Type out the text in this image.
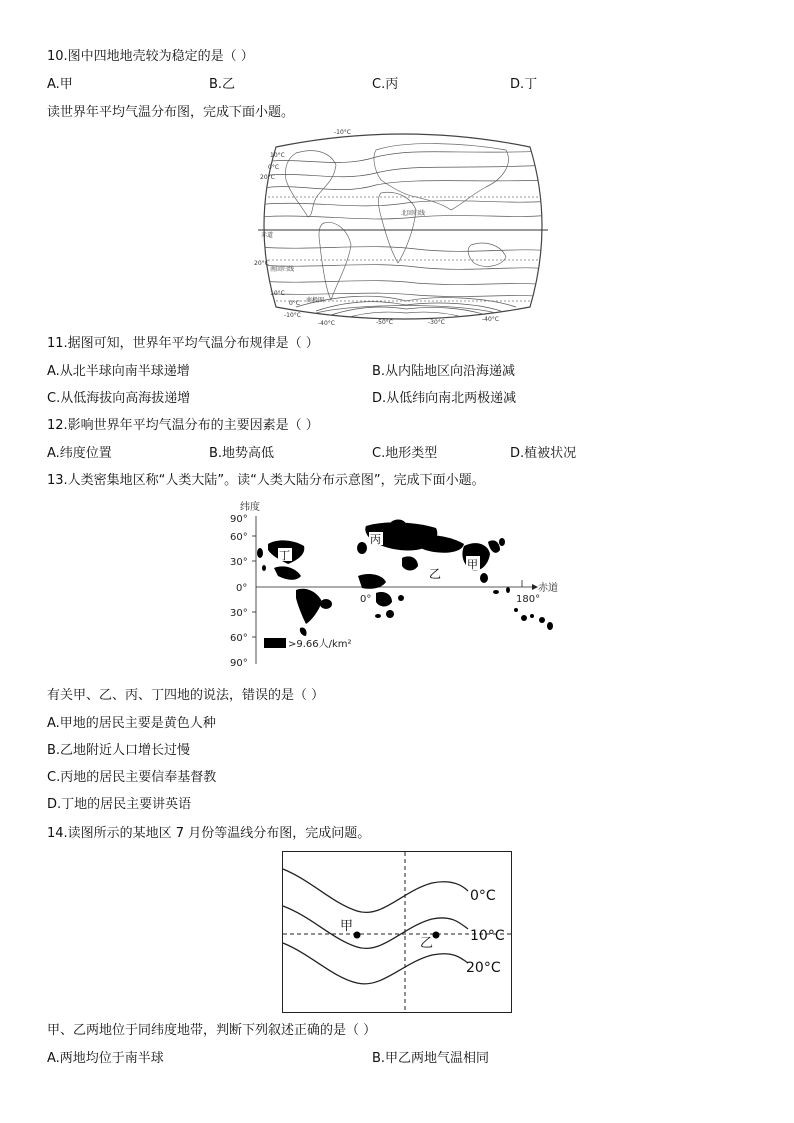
10.图中四地地壳较为稳定的是（ ）
A.甲	B.乙	C.丙	D.丁
读世界年平均气温分布图，完成下面小题。
-10°C
10°C
0°C
20°C
北回归线
赤道
20°C
南回归线
10°C
0°C 南极圈
-10°C
-40°C	-50°C	-30°C	-40°C
11.据图可知，世界年平均气温分布规律是（ ）
A.从北半球向南半球递增	B.从内陆地区向沿海递减
C.从低海拔向高海拔递增	D.从低纬向南北两极递减
12.影响世界年平均气温分布的主要因素是（ ）
A.纬度位置	B.地势高低	C.地形类型	D.植被状况
13.人类密集地区称“人类大陆”。读“人类大陆分布示意图”，完成下面小题。
纬度
90°
60°
30°
0°
30°
60°
90°
0°	180°
赤道
丁
丙
乙
甲
>9.66人/km²
有关甲、乙、丙、丁四地的说法，错误的是（ ）
A.甲地的居民主要是黄色人种
B.乙地附近人口增长过慢
C.丙地的居民主要信奉基督教
D.丁地的居民主要讲英语
14.读图所示的某地区 7 月份等温线分布图，完成问题。
0°C
10°C
20°C
甲
乙
甲、乙两地位于同纬度地带，判断下列叙述正确的是（ ）
A.两地均位于南半球	B.甲乙两地气温相同
